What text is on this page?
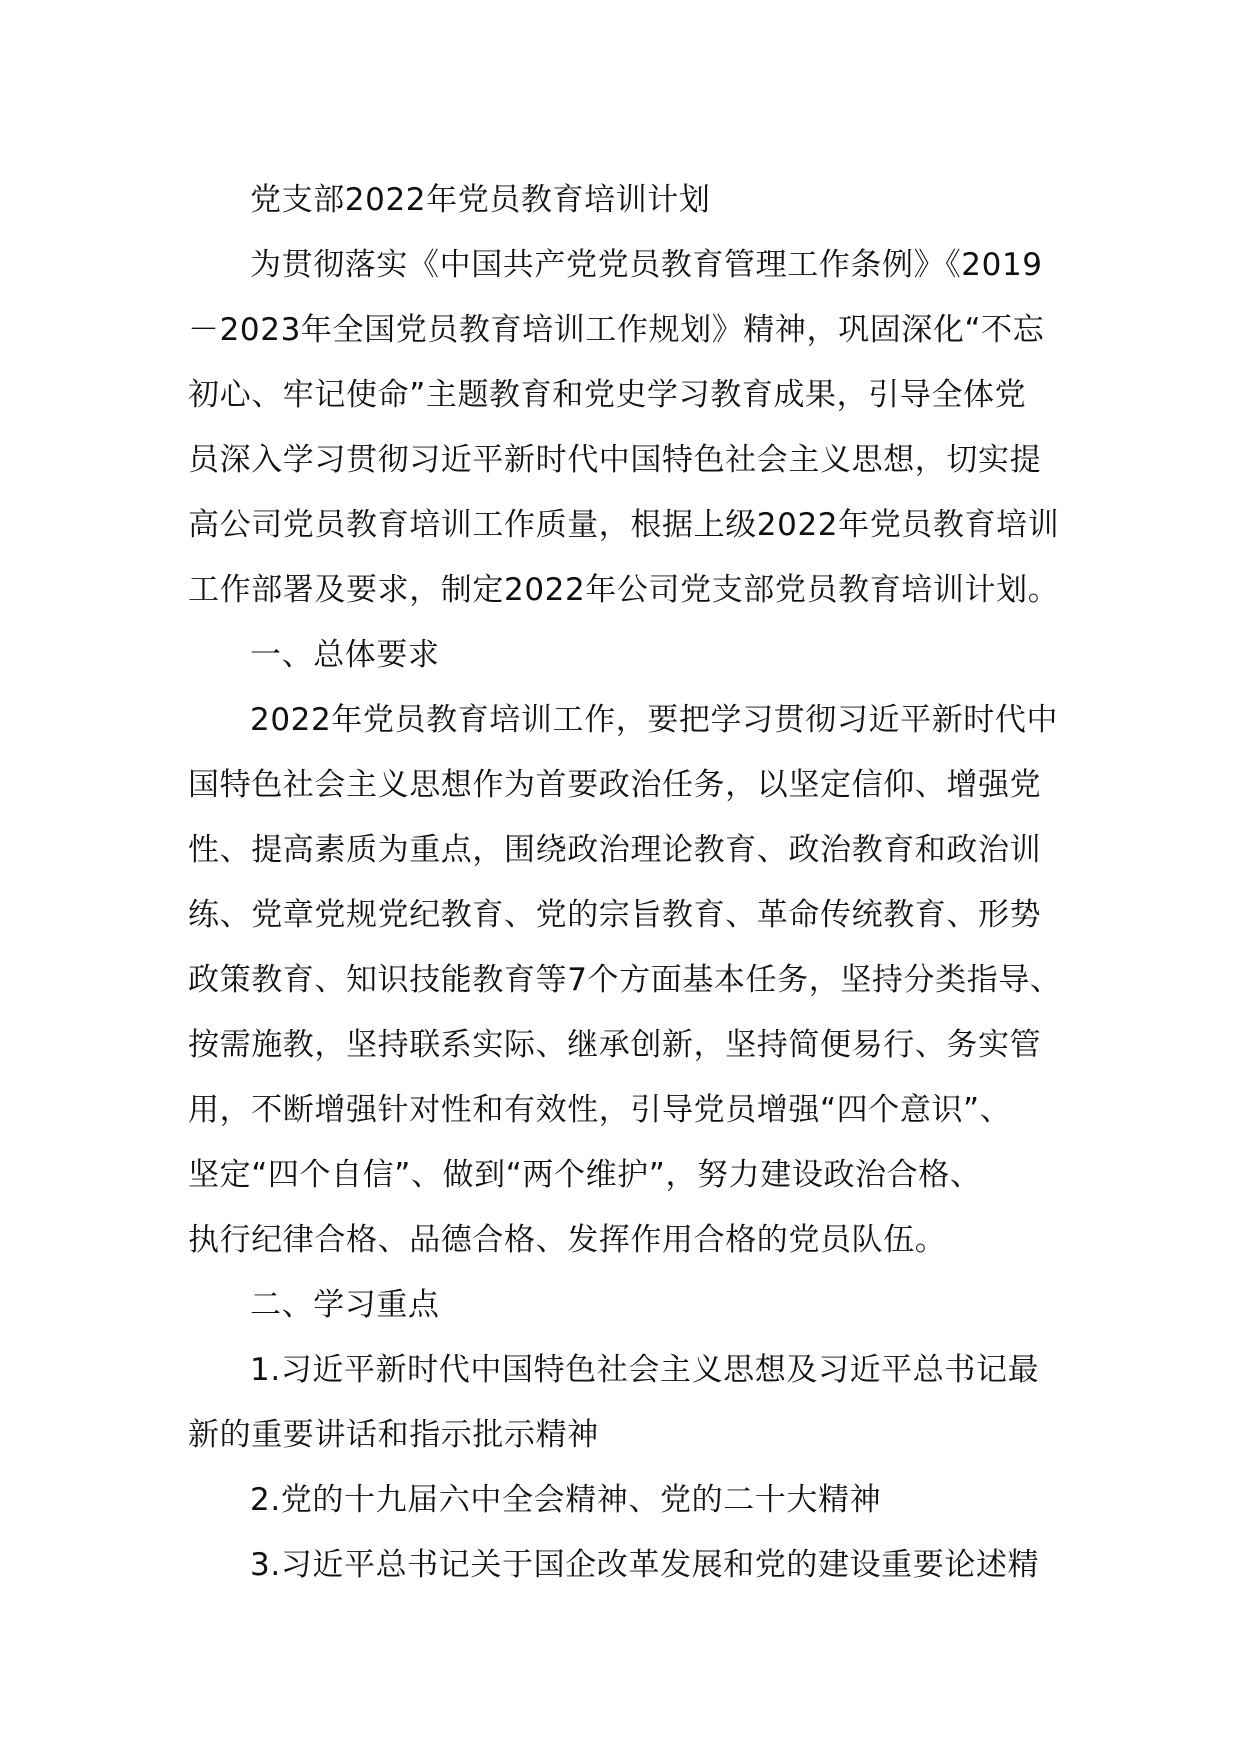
党支部2022年党员教育培训计划
为贯彻落实《中国共产党党员教育管理工作条例》《2019
－2023年全国党员教育培训工作规划》精神，巩固深化“不忘
初心、牢记使命”主题教育和党史学习教育成果，引导全体党
员深入学习贯彻习近平新时代中国特色社会主义思想，切实提
高公司党员教育培训工作质量，根据上级2022年党员教育培训
工作部署及要求，制定2022年公司党支部党员教育培训计划。
一、总体要求
2022年党员教育培训工作，要把学习贯彻习近平新时代中
国特色社会主义思想作为首要政治任务，以坚定信仰、增强党
性、提高素质为重点，围绕政治理论教育、政治教育和政治训
练、党章党规党纪教育、党的宗旨教育、革命传统教育、形势
政策教育、知识技能教育等7个方面基本任务，坚持分类指导、
按需施教，坚持联系实际、继承创新，坚持简便易行、务实管
用，不断增强针对性和有效性，引导党员增强“四个意识”、
坚定“四个自信”、做到“两个维护”，努力建设政治合格、
执行纪律合格、品德合格、发挥作用合格的党员队伍。
二、学习重点
1.习近平新时代中国特色社会主义思想及习近平总书记最
新的重要讲话和指示批示精神
2.党的十九届六中全会精神、党的二十大精神
3.习近平总书记关于国企改革发展和党的建设重要论述精
